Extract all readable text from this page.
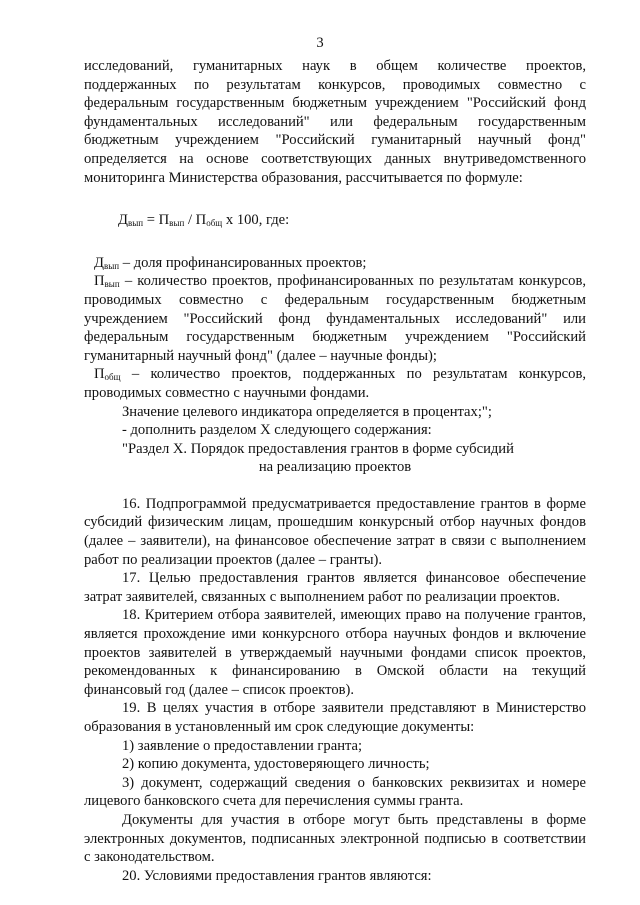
3

исследований, гуманитарных наук в общем количестве проектов, поддержанных по результатам конкурсов, проводимых совместно с федеральным государственным бюджетным учреждением "Российский фонд фундаментальных исследований" или федеральным государственным бюджетным учреждением "Российский гуманитарный научный фонд" определяется на основе соответствующих данных внутриведомственного мониторинга Министерства образования, рассчитывается по формуле:

$Д_{вып} = П_{вып} / П_{общ}$ х 100, где:

$Д_{вып}$ – доля профинансированных проектов;

$П_{вып}$ – количество проектов, профинансированных по результатам конкурсов, проводимых совместно с федеральным государственным бюджетным учреждением "Российский фонд фундаментальных исследований" или федеральным государственным бюджетным учреждением "Российский гуманитарный научный фонд" (далее – научные фонды);

$П_{общ}$ – количество проектов, поддержанных по результатам конкурсов, проводимых совместно с научными фондами.

Значение целевого индикатора определяется в процентах;";

- дополнить разделом X следующего содержания:

"Раздел X. Порядок предоставления грантов в форме субсидий

на реализацию проектов

16. Подпрограммой предусматривается предоставление грантов в форме субсидий физическим лицам, прошедшим конкурсный отбор научных фондов (далее – заявители), на финансовое обеспечение затрат в связи с выполнением работ по реализации проектов (далее – гранты).

17. Целью предоставления грантов является финансовое обеспечение затрат заявителей, связанных с выполнением работ по реализации проектов.

18. Критерием отбора заявителей, имеющих право на получение грантов, является прохождение ими конкурсного отбора научных фондов и включение проектов заявителей в утверждаемый научными фондами список проектов, рекомендованных к финансированию в Омской области на текущий финансовый год (далее – список проектов).

19. В целях участия в отборе заявители представляют в Министерство образования в установленный им срок следующие документы:

1) заявление о предоставлении гранта;

2) копию документа, удостоверяющего личность;

3) документ, содержащий сведения о банковских реквизитах и номере лицевого банковского счета для перечисления суммы гранта.

Документы для участия в отборе могут быть представлены в форме электронных документов, подписанных электронной подписью в соответствии с законодательством.

20. Условиями предоставления грантов являются:
